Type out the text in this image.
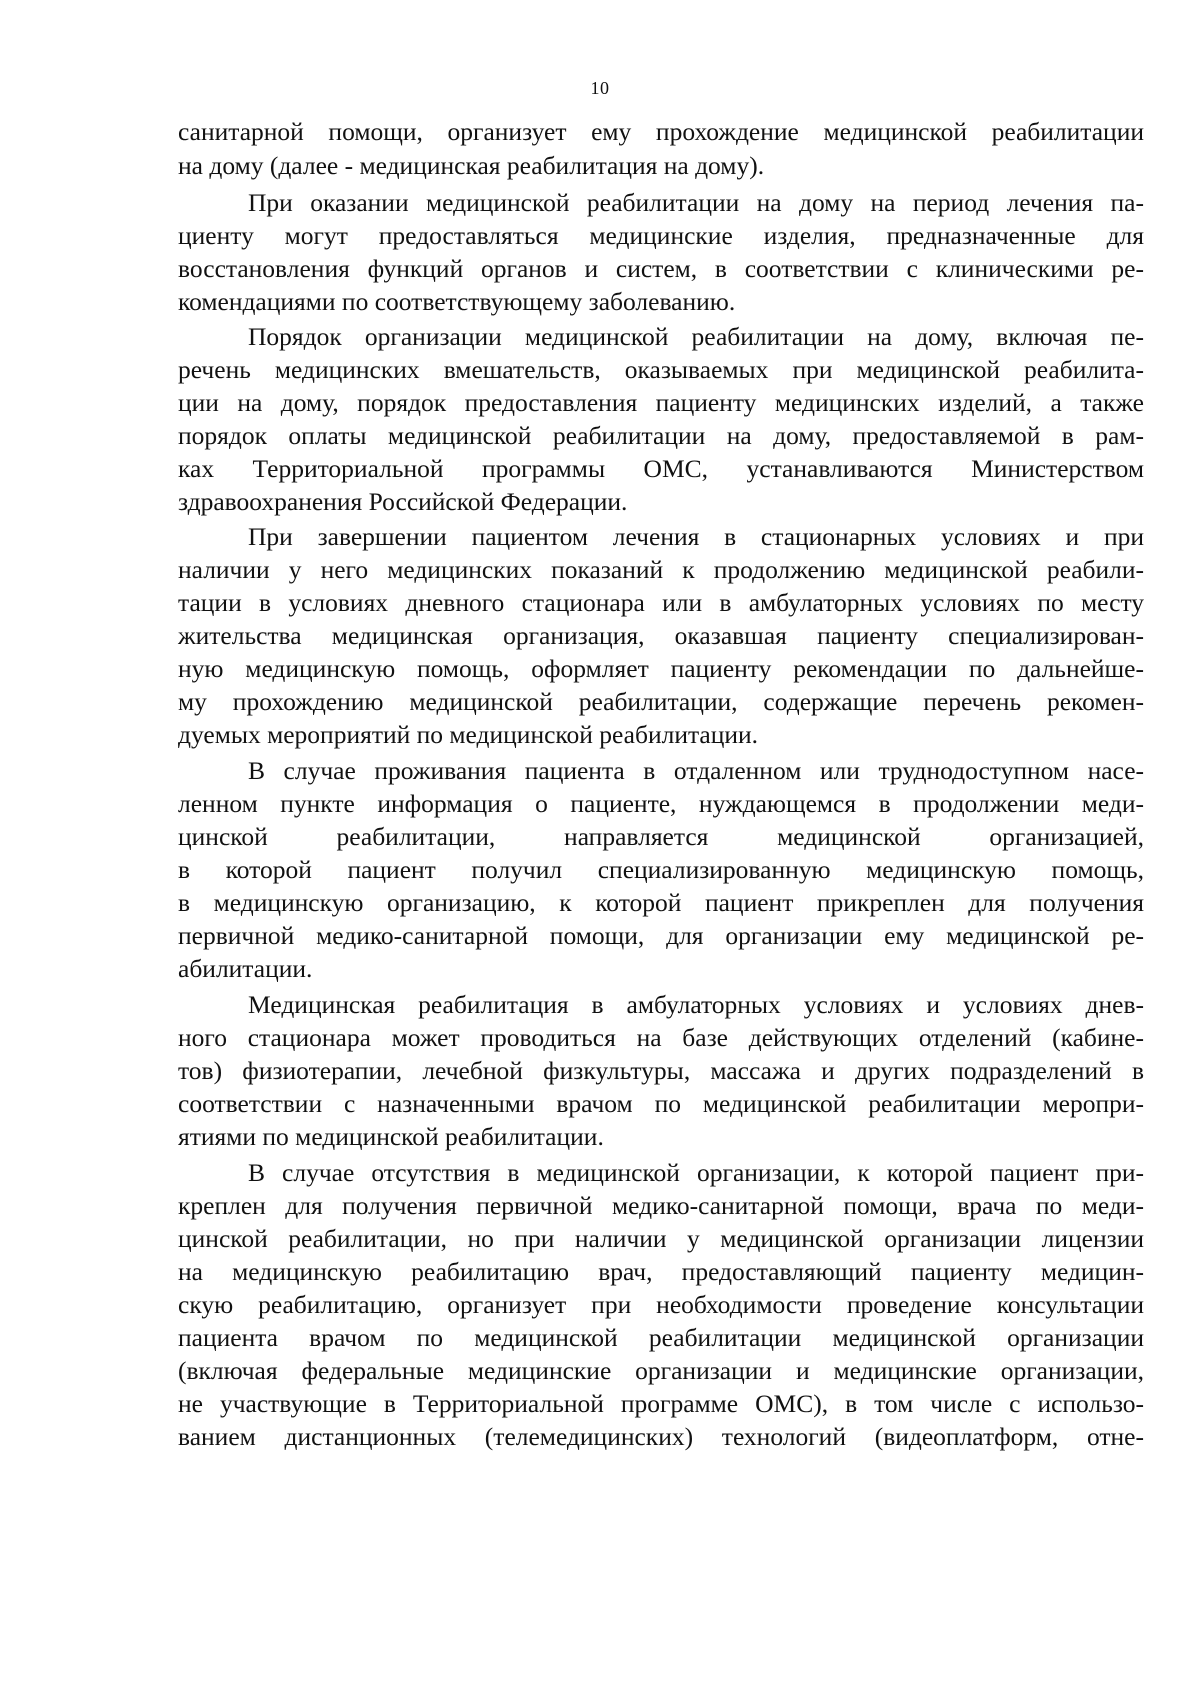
10
санитарной помощи, организует ему прохождение медицинской реабилитации
на дому (далее - медицинская реабилитация на дому).
При оказании медицинской реабилитации на дому на период лечения па-
циенту могут предоставляться медицинские изделия, предназначенные для
восстановления функций органов и систем, в соответствии с клиническими ре-
комендациями по соответствующему заболеванию.
Порядок организации медицинской реабилитации на дому, включая пе-
речень медицинских вмешательств, оказываемых при медицинской реабилита-
ции на дому, порядок предоставления пациенту медицинских изделий, а также
порядок оплаты медицинской реабилитации на дому, предоставляемой в рам-
ках Территориальной программы ОМС, устанавливаются Министерством
здравоохранения Российской Федерации.
При завершении пациентом лечения в стационарных условиях и при
наличии у него медицинских показаний к продолжению медицинской реабили-
тации в условиях дневного стационара или в амбулаторных условиях по месту
жительства медицинская организация, оказавшая пациенту специализирован-
ную медицинскую помощь, оформляет пациенту рекомендации по дальнейше-
му прохождению медицинской реабилитации, содержащие перечень рекомен-
дуемых мероприятий по медицинской реабилитации.
В случае проживания пациента в отдаленном или труднодоступном насе-
ленном пункте информация о пациенте, нуждающемся в продолжении меди-
цинской реабилитации, направляется медицинской организацией,
в которой пациент получил специализированную медицинскую помощь,
в медицинскую организацию, к которой пациент прикреплен для получения
первичной медико-санитарной помощи, для организации ему медицинской ре-
абилитации.
Медицинская реабилитация в амбулаторных условиях и условиях днев-
ного стационара может проводиться на базе действующих отделений (кабине-
тов) физиотерапии, лечебной физкультуры, массажа и других подразделений в
соответствии с назначенными врачом по медицинской реабилитации меропри-
ятиями по медицинской реабилитации.
В случае отсутствия в медицинской организации, к которой пациент при-
креплен для получения первичной медико-санитарной помощи, врача по меди-
цинской реабилитации, но при наличии у медицинской организации лицензии
на медицинскую реабилитацию врач, предоставляющий пациенту медицин-
скую реабилитацию, организует при необходимости проведение консультации
пациента врачом по медицинской реабилитации медицинской организации
(включая федеральные медицинские организации и медицинские организации,
не участвующие в Территориальной программе ОМС), в том числе с использо-
ванием дистанционных (телемедицинских) технологий (видеоплатформ, отне-
